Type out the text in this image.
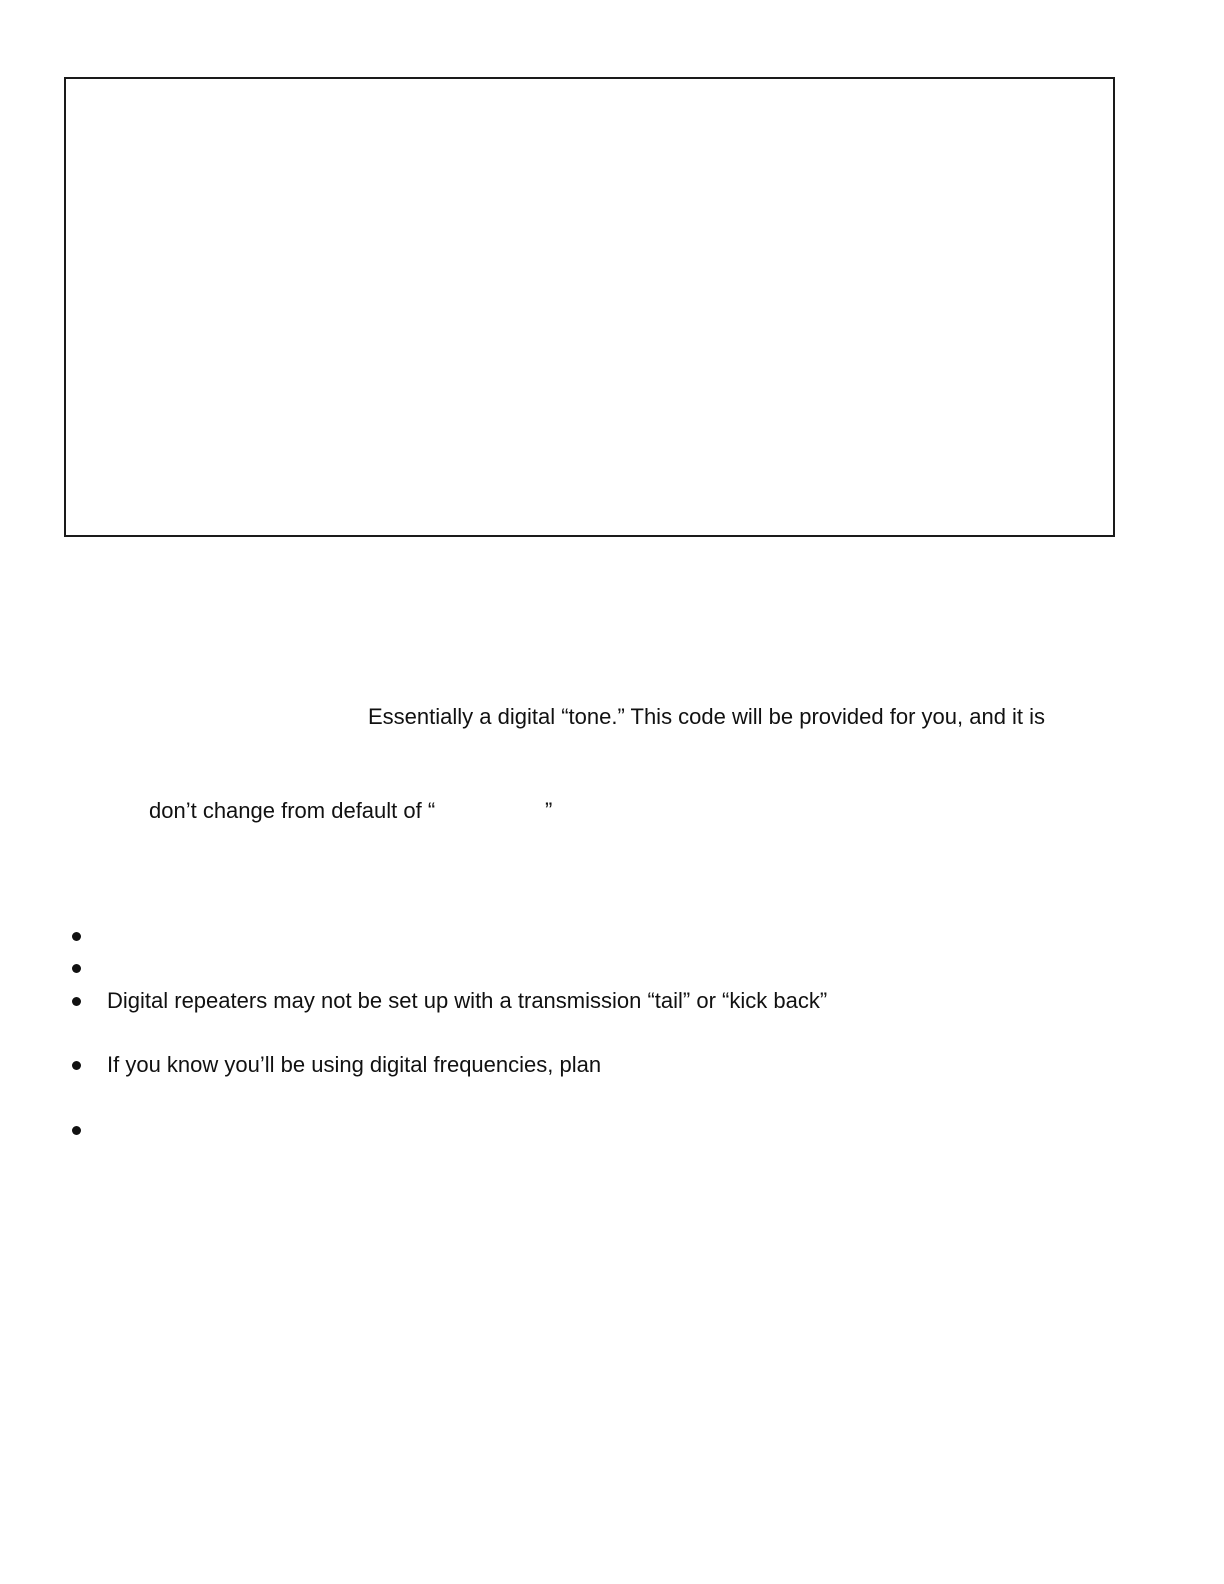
Essentially a digital “tone.” This code will be provided for you, and it is
don’t change from default of “	”
Digital repeaters may not be set up with a transmission “tail” or “kick back”
If you know you’ll be using digital frequencies, plan
